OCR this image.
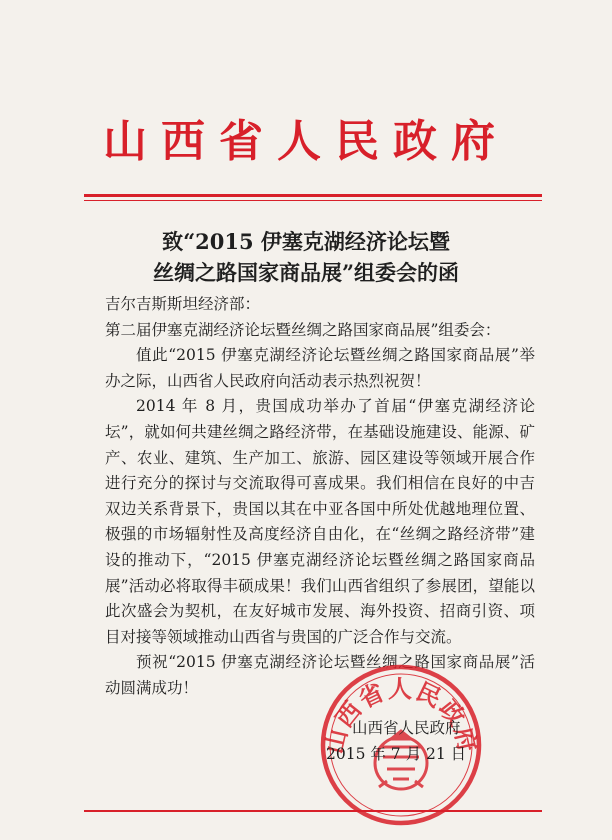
山西省人民政府
致“2015 伊塞克湖经济论坛暨
丝绸之路国家商品展”组委会的函

吉尔吉斯斯坦经济部：

第二届伊塞克湖经济论坛暨丝绸之路国家商品展”组委会：

值此“2015 伊塞克湖经济论坛暨丝绸之路国家商品展”举办之际，山西省人民政府向活动表示热烈祝贺！

2014 年 8 月，贵国成功举办了首届“伊塞克湖经济论坛”，就如何共建丝绸之路经济带，在基础设施建设、能源、矿产、农业、建筑、生产加工、旅游、园区建设等领域开展合作进行充分的探讨与交流取得可喜成果。我们相信在良好的中吉双边关系背景下，贵国以其在中亚各国中所处优越地理位置、极强的市场辐射性及高度经济自由化，在“丝绸之路经济带”建设的推动下，“2015 伊塞克湖经济论坛暨丝绸之路国家商品展”活动必将取得丰硕成果！我们山西省组织了参展团，望能以此次盛会为契机，在友好城市发展、海外投资、招商引资、项目对接等领域推动山西省与贵国的广泛合作与交流。

预祝“2015 伊塞克湖经济论坛暨丝绸之路国家商品展”活动圆满成功！

山西省人民政府
山西省人民政府
2015 年 7 月 21 日
